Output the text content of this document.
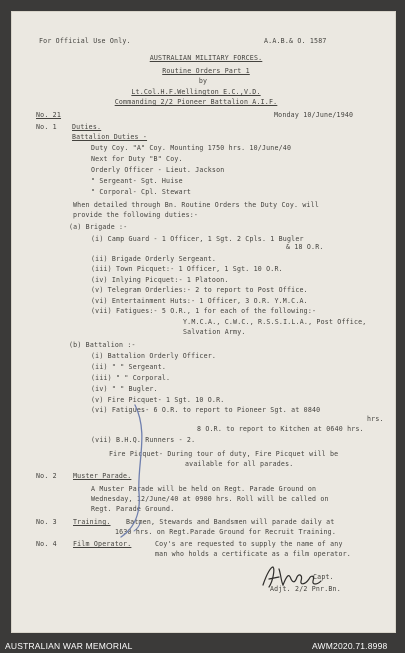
For Official Use Only.	A.A.B.& O. 1587
AUSTRALIAN MILITARY FORCES.
Routine Orders Part 1
by
Lt.Col.H.F.Wellington E.C.,V.D.
Commanding 2/2 Pioneer Battalion A.I.F.
No. 21	Monday 10/June/1940
No. 1 Duties.
Battalion Duties -
Duty Coy. "A" Coy. Mounting 1750 hrs. 10/June/40
Next for Duty "B" Coy.
Orderly Officer - Lieut. Jackson
" Sergeant- Sgt. Huise
" Corporal- Cpl. Stewart
When detailed through Bn. Routine Orders the Duty Coy. will
provide the following duties:-
(a) Brigade :-
(i) Camp Guard - 1 Officer, 1 Sgt. 2 Cpls. 1 Bugler
& 18 O.R.
(ii) Brigade Orderly Sergeant.
(iii) Town Picquet:- 1 Officer, 1 Sgt. 10 O.R.
(iv) Inlying Picquet:- 1 Platoon.
(v) Telegram Orderlies:- 2 to report to Post Office.
(vi) Entertainment Huts:- 1 Officer, 3 O.R. Y.M.C.A.
(vii) Fatigues:- 5 O.R., 1 for each of the following:-
Y.M.C.A., C.W.C., R.S.S.I.L.A., Post Office,
Salvation Army.
(b) Battalion :-
(i) Battalion Orderly Officer.
(ii) " " Sergeant.
(iii) " " Corporal.
(iv) " " Bugler.
(v) Fire Picquet- 1 Sgt. 10 O.R.
(vi) Fatigues- 6 O.R. to report to Pioneer Sgt. at 0840
hrs.
8 O.R. to report to Kitchen at 0640 hrs.
(vii) B.H.Q. Runners - 2.
Fire Picquet- During tour of duty, Fire Picquet will be
available for all parades.
No. 2 Muster Parade.
A Muster Parade will be held on Regt. Parade Ground on
Wednesday, 12/June/40 at 0900 hrs. Roll will be called on
Regt. Parade Ground.
No. 3 Training. Batmen, Stewards and Bandsmen will parade daily at
1630 hrs. on Regt.Parade Ground for Recruit Training.
No. 4 Film Operator.	Coy's are requested to supply the name of any
man who holds a certificate as a film operator.
Capt.
Adjt. 2/2 Pnr.Bn.
AUSTRALIAN WAR MEMORIAL	AWM2020.71.8998
